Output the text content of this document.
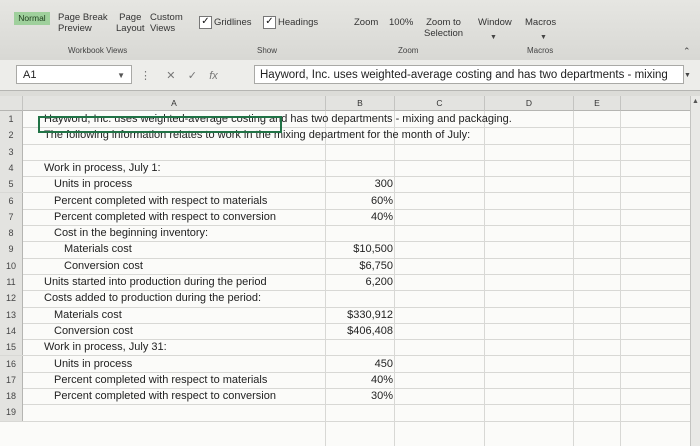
Normal	Page Break
Preview
Page
Layout
Custom
Views
Workbook Views
✓ Gridlines ✓ Headings
Show
Zoom 100% Zoom to
Selection
Zoom
Window
▼
Macros
▼
Macros	⌃
A1	▼ ⋮ ✕ ✓ fx	Hayword, Inc. uses weighted-average costing and has two departments - mixing	▼
A	B	C	D	E
1	Hayword, Inc. uses weighted-average costing and has two departments - mixing and packaging.
2	The following information relates to work in the mixing department for the month of July:
3
4	Work in process, July 1:
5	Units in process	300
6	Percent completed with respect to materials	60%
7	Percent completed with respect to conversion	40%
8	Cost in the beginning inventory:
9	Materials cost	$10,500
10	Conversion cost	$6,750
11	Units started into production during the period	6,200
12	Costs added to production during the period:
13	Materials cost	$330,912
14	Conversion cost	$406,408
15	Work in process, July 31:
16	Units in process	450
17	Percent completed with respect to materials	40%
18	Percent completed with respect to conversion	30%
19
▲
